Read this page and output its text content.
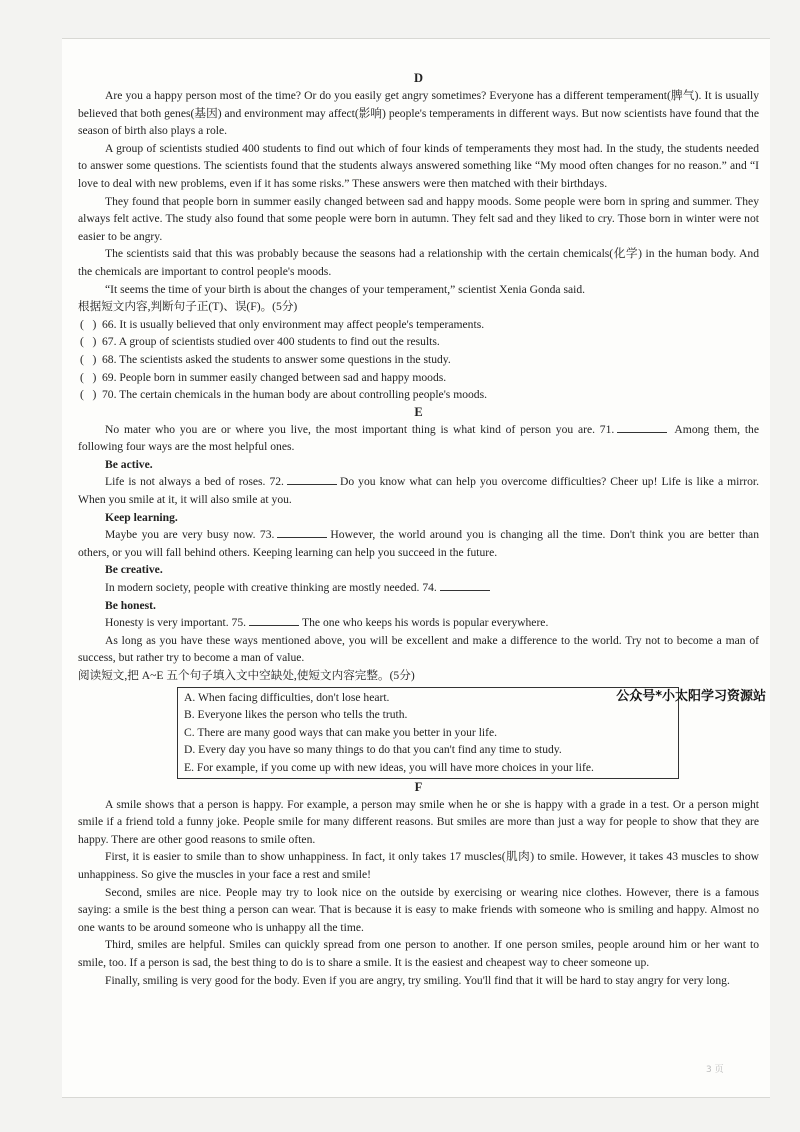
D

Are you a happy person most of the time? Or do you easily get angry sometimes? Everyone has a different temperament(脾气). It is usually believed that both genes(基因) and environment may affect(影响) people's temperaments in different ways. But now scientists have found that the season of birth also plays a role.

A group of scientists studied 400 students to find out which of four kinds of temperaments they most had. In the study, the students needed to answer some questions. The scientists found that the students always answered something like “My mood often changes for no reason.” and “I love to deal with new problems, even if it has some risks.” These answers were then matched with their birthdays.

They found that people born in summer easily changed between sad and happy moods. Some people were born in spring and summer. They always felt active. The study also found that some people were born in autumn. They felt sad and they liked to cry. Those born in winter were not easier to be angry.

The scientists said that this was probably because the seasons had a relationship with the certain chemicals(化学) in the human body. And the chemicals are important to control people's moods.

“It seems the time of your birth is about the changes of your temperament,” scientist Xenia Gonda said.

根据短文内容,判断句子正(T)、误(F)。(5分)

(   ) 66. It is usually believed that only environment may affect people's temperaments.
(   ) 67. A group of scientists studied over 400 students to find out the results.
(   ) 68. The scientists asked the students to answer some questions in the study.
(   ) 69. People born in summer easily changed between sad and happy moods.
(   ) 70. The certain chemicals in the human body are about controlling people's moods.
E

No mater who you are or where you live, the most important thing is what kind of person you are. 71.	Among them, the following four ways are the most helpful ones.

Be active.

Life is not always a bed of roses. 72.	Do you know what can help you overcome difficulties? Cheer up! Life is like a mirror. When you smile at it, it will also smile at you.

Keep learning.

Maybe you are very busy now. 73.	However, the world around you is changing all the time. Don't think you are better than others, or you will fall behind others. Keeping learning can help you succeed in the future.

Be creative.

In modern society, people with creative thinking are mostly needed. 74.

Be honest.

Honesty is very important. 75.	The one who keeps his words is popular everywhere.

As long as you have these ways mentioned above, you will be excellent and make a difference to the world. Try not to become a man of success, but rather try to become a man of value.

阅读短文,把 A~E 五个句子填入文中空缺处,使短文内容完整。(5分)

公众号*小太阳学习资源站
A. When facing difficulties, don't lose heart.
B. Everyone likes the person who tells the truth.
C. There are many good ways that can make you better in your life.
D. Every day you have so many things to do that you can't find any time to study.
E. For example, if you come up with new ideas, you will have more choices in your life.
F

A smile shows that a person is happy. For example, a person may smile when he or she is happy with a grade in a test. Or a person might smile if a friend told a funny joke. People smile for many different reasons. But smiles are more than just a way for people to show that they are happy. There are other good reasons to smile often.

First, it is easier to smile than to show unhappiness. In fact, it only takes 17 muscles(肌肉) to smile. However, it takes 43 muscles to show unhappiness. So give the muscles in your face a rest and smile!

Second, smiles are nice. People may try to look nice on the outside by exercising or wearing nice clothes. However, there is a famous saying: a smile is the best thing a person can wear. That is because it is easy to make friends with someone who is smiling and happy. Almost no one wants to be around someone who is unhappy all the time.

Third, smiles are helpful. Smiles can quickly spread from one person to another. If one person smiles, people around him or her want to smile, too. If a person is sad, the best thing to do is to share a smile. It is the easiest and cheapest way to cheer someone up.

Finally, smiling is very good for the body. Even if you are angry, try smiling. You'll find that it will be hard to stay angry for very long.

3 页
